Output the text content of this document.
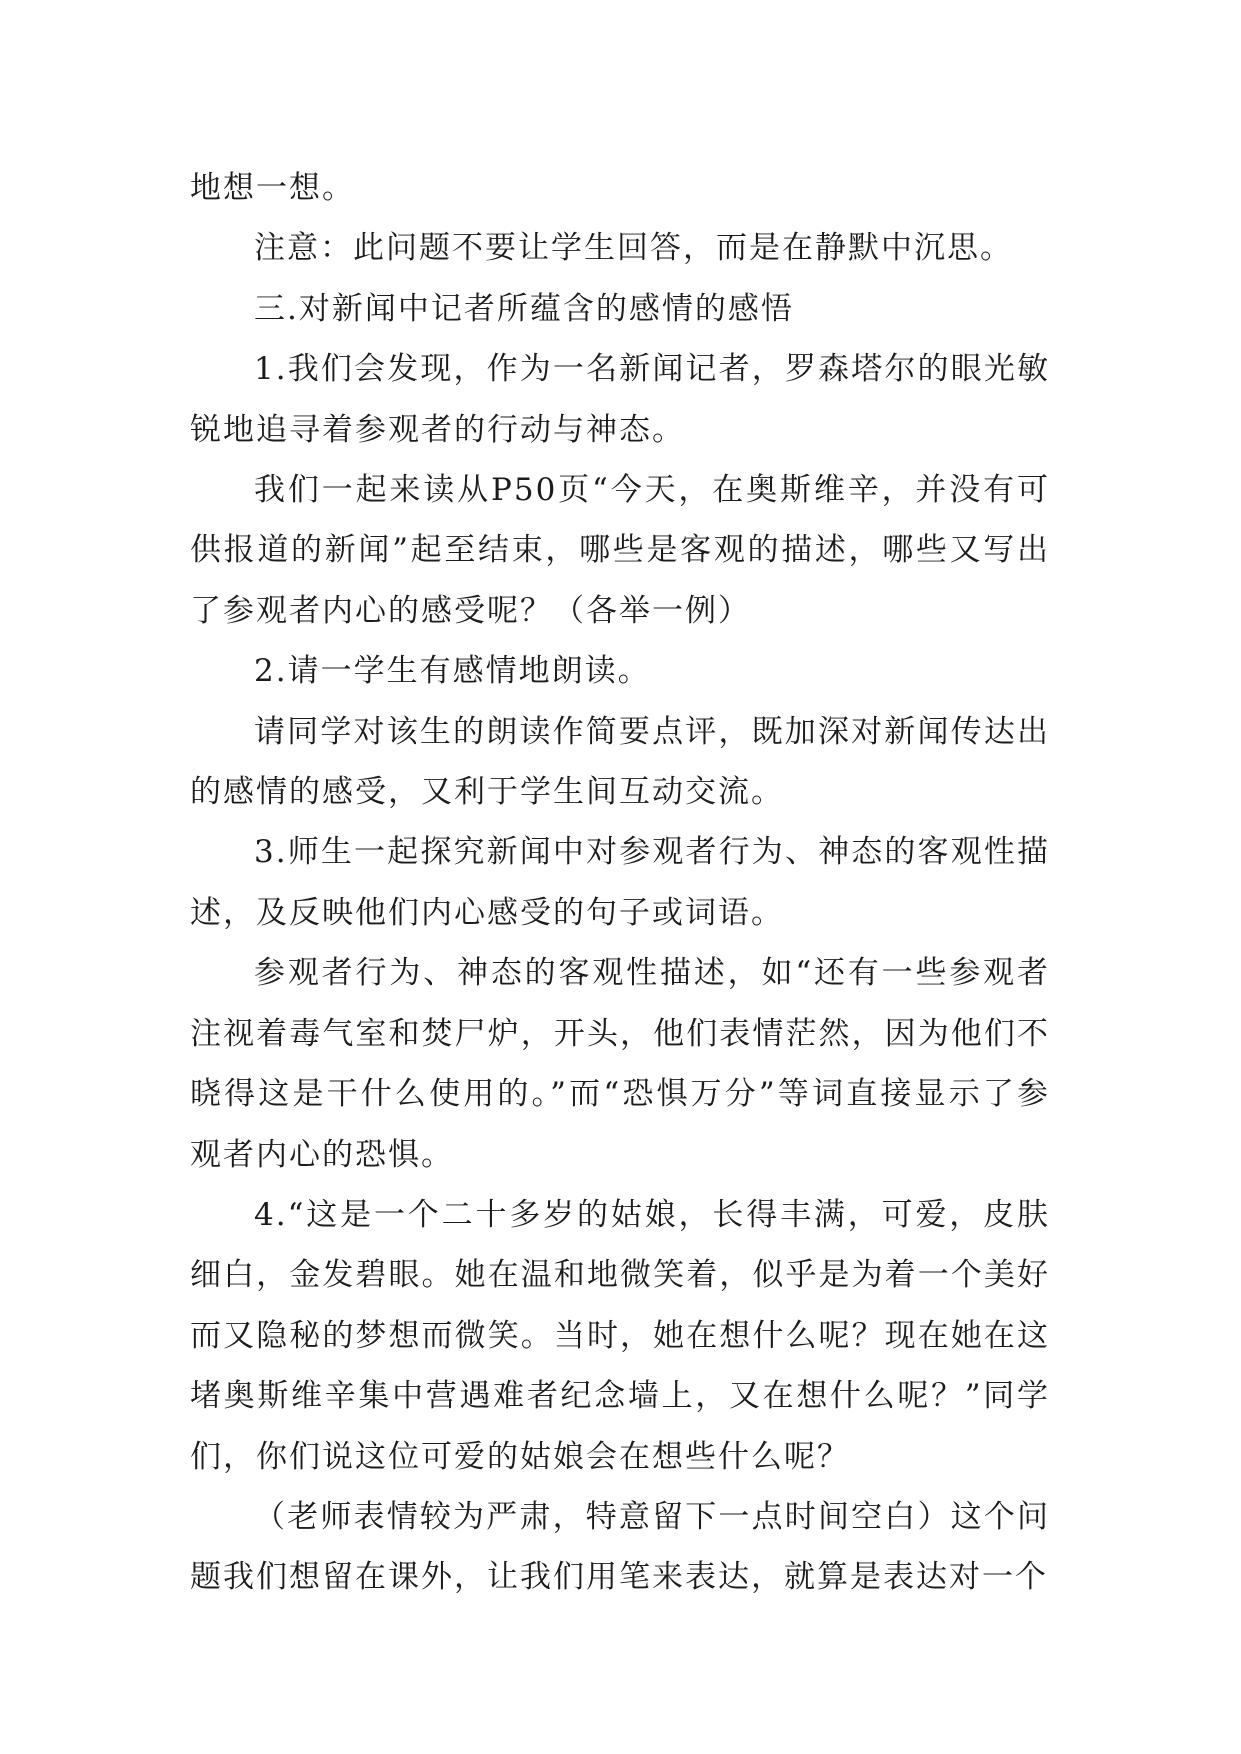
地想一想。

注意：此问题不要让学生回答，而是在静默中沉思。

三.对新闻中记者所蕴含的感情的感悟

1.我们会发现，作为一名新闻记者，罗森塔尔的眼光敏锐地追寻着参观者的行动与神态。

我们一起来读从P50页“今天，在奥斯维辛，并没有可供报道的新闻”起至结束，哪些是客观的描述，哪些又写出了参观者内心的感受呢？（各举一例）

2.请一学生有感情地朗读。

请同学对该生的朗读作简要点评，既加深对新闻传达出的感情的感受，又利于学生间互动交流。

3.师生一起探究新闻中对参观者行为、神态的客观性描述，及反映他们内心感受的句子或词语。

参观者行为、神态的客观性描述，如“还有一些参观者注视着毒气室和焚尸炉，开头，他们表情茫然，因为他们不晓得这是干什么使用的。”而“恐惧万分”等词直接显示了参观者内心的恐惧。

4.“这是一个二十多岁的姑娘，长得丰满，可爱，皮肤细白，金发碧眼。她在温和地微笑着，似乎是为着一个美好而又隐秘的梦想而微笑。当时，她在想什么呢？现在她在这堵奥斯维辛集中营遇难者纪念墙上，又在想什么呢？”同学们，你们说这位可爱的姑娘会在想些什么呢？

（老师表情较为严肃，特意留下一点时间空白）这个问题我们想留在课外，让我们用笔来表达，就算是表达对一个
